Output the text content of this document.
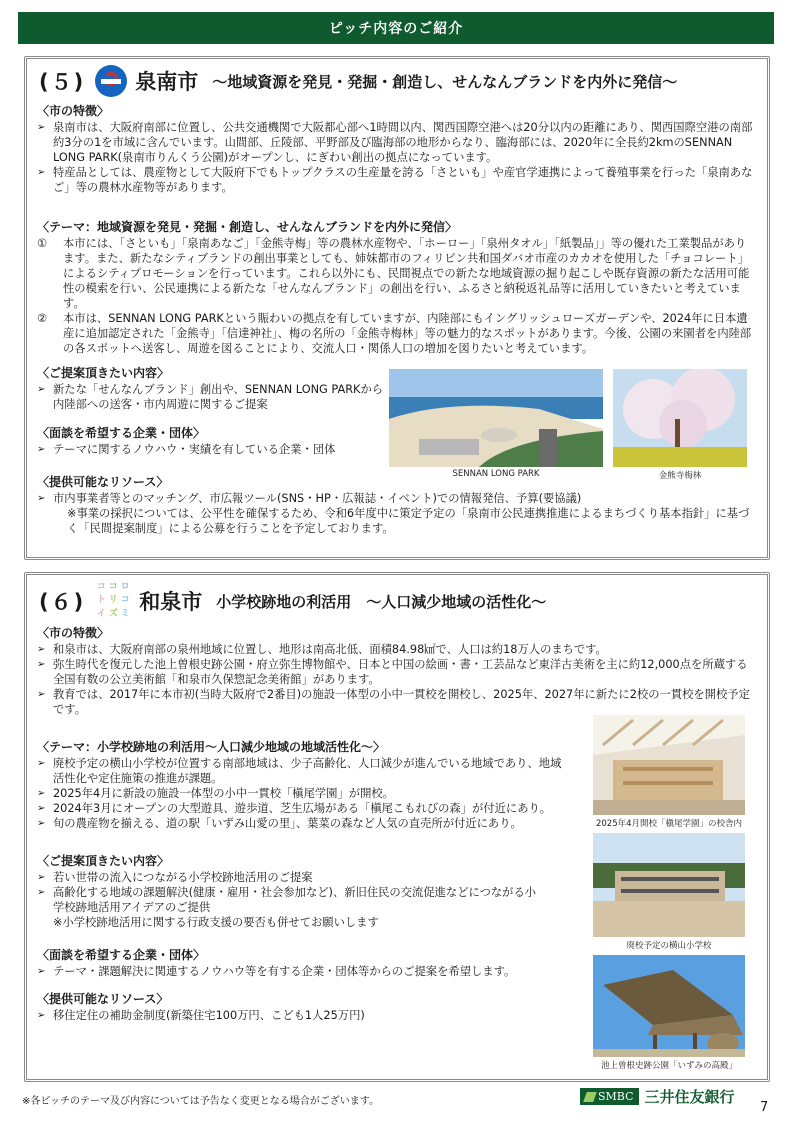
ピッチ内容のご紹介
(５) 泉南市 ～地域資源を発見・発掘・創造し、せんなんブランドを内外に発信～
〈市の特徴〉
➢ 泉南市は、大阪府南部に位置し、公共交通機関で大阪都心部へ1時間以内、関西国際空港へは20分以内の距離にあり、関西国際空港の南部約3分の1を市域に含んでいます。山間部、丘陵部、平野部及び臨海部の地形からなり、臨海部には、2020年に全長約2kmのSENNAN LONG PARK(泉南市りんくう公園)がオープンし、にぎわい創出の拠点になっています。
➢ 特産品としては、農産物として大阪府下でもトップクラスの生産量を誇る「さといも」や産官学連携によって養殖事業を行った「泉南あなご」等の農林水産物等があります。
〈テーマ：地域資源を発見・発掘・創造し、せんなんブランドを内外に発信〉
① 本市には、「さといも」「泉南あなご」「金熊寺梅」等の農林水産物や、「ホーロー」「泉州タオル」「紙製品」」等の優れた工業製品があります。また、新たなシティブランドの創出事業としても、姉妹都市のフィリピン共和国ダバオ市産のカカオを使用した「チョコレート」によるシティプロモーションを行っています。これら以外にも、民間視点での新たな地域資源の掘り起こしや既存資源の新たな活用可能性の模索を行い、公民連携による新たな「せんなんブランド」の創出を行い、ふるさと納税返礼品等に活用していきたいと考えています。
② 本市は、SENNAN LONG PARKという賑わいの拠点を有していますが、内陸部にもイングリッシュローズガーデンや、2024年に日本遺産に追加認定された「金熊寺」「信達神社」、梅の名所の「金熊寺梅林」等の魅力的なスポットがあります。今後、公園の来園者を内陸部の各スポットへ送客し、周遊を図ることにより、交流人口・関係人口の増加を図りたいと考えています。
〈ご提案頂きたい内容〉
➢ 新たな「せんなんブランド」創出や、SENNAN LONG PARKから内陸部への送客・市内周遊に関するご提案
〈面談を希望する企業・団体〉
➢ テーマに関するノウハウ・実績を有している企業・団体
SENNAN LONG PARK	金熊寺梅林
〈提供可能なリソース〉
➢ 市内事業者等とのマッチング、市広報ツール(SNS・HP・広報誌・イベント)での情報発信、予算(要協議)
※事業の採択については、公平性を確保するため、令和6年度中に策定予定の「泉南市公民連携推進によるまちづくり基本指針」に基づく「民間提案制度」による公募を行うことを予定しております。
(６)
コ コ ロ
ト リ コ
イ ズ ミ 和泉市 小学校跡地の利活用　～人口減少地域の活性化～
〈市の特徴〉
➢ 和泉市は、大阪府南部の泉州地域に位置し、地形は南高北低、面積84.98㎢で、人口は約18万人のまちです。
➢ 弥生時代を復元した池上曽根史跡公園・府立弥生博物館や、日本と中国の絵画・書・工芸品など東洋古美術を主に約12,000点を所蔵する全国有数の公立美術館「和泉市久保惣記念美術館」があります。
➢ 教育では、2017年に本市初(当時大阪府で2番目)の施設一体型の小中一貫校を開校し、2025年、2027年に新たに2校の一貫校を開校予定です。
〈テーマ：小学校跡地の利活用～人口減少地域の地域活性化～〉
➢ 廃校予定の横山小学校が位置する南部地域は、少子高齢化、人口減少が進んでいる地域であり、地域活性化や定住施策の推進が課題。
➢ 2025年4月に新設の施設一体型の小中一貫校「槇尾学園」が開校。
➢ 2024年3月にオープンの大型遊具、遊歩道、芝生広場がある「槇尾こもれびの森」が付近にあり。
➢ 旬の農産物を揃える、道の駅「いずみ山愛の里」、葉菜の森など人気の直売所が付近にあり。
〈ご提案頂きたい内容〉
➢ 若い世帯の流入につながる小学校跡地活用のご提案
➢ 高齢化する地域の課題解決(健康・雇用・社会参加など)、新旧住民の交流促進などにつながる小学校跡地活用アイデアのご提供
※小学校跡地活用に関する行政支援の要否も併せてお願いします
〈面談を希望する企業・団体〉
➢ テーマ・課題解決に関連するノウハウ等を有する企業・団体等からのご提案を希望します。
〈提供可能なリソース〉
➢ 移住定住の補助金制度(新築住宅100万円、こども1人25万円)
2025年4月開校「槇尾学園」の校舎内
廃校予定の横山小学校
池上曽根史跡公園「いずみの高殿」
※各ピッチのテーマ及び内容については予告なく変更となる場合がございます。	SMBC 三井住友銀行
7
